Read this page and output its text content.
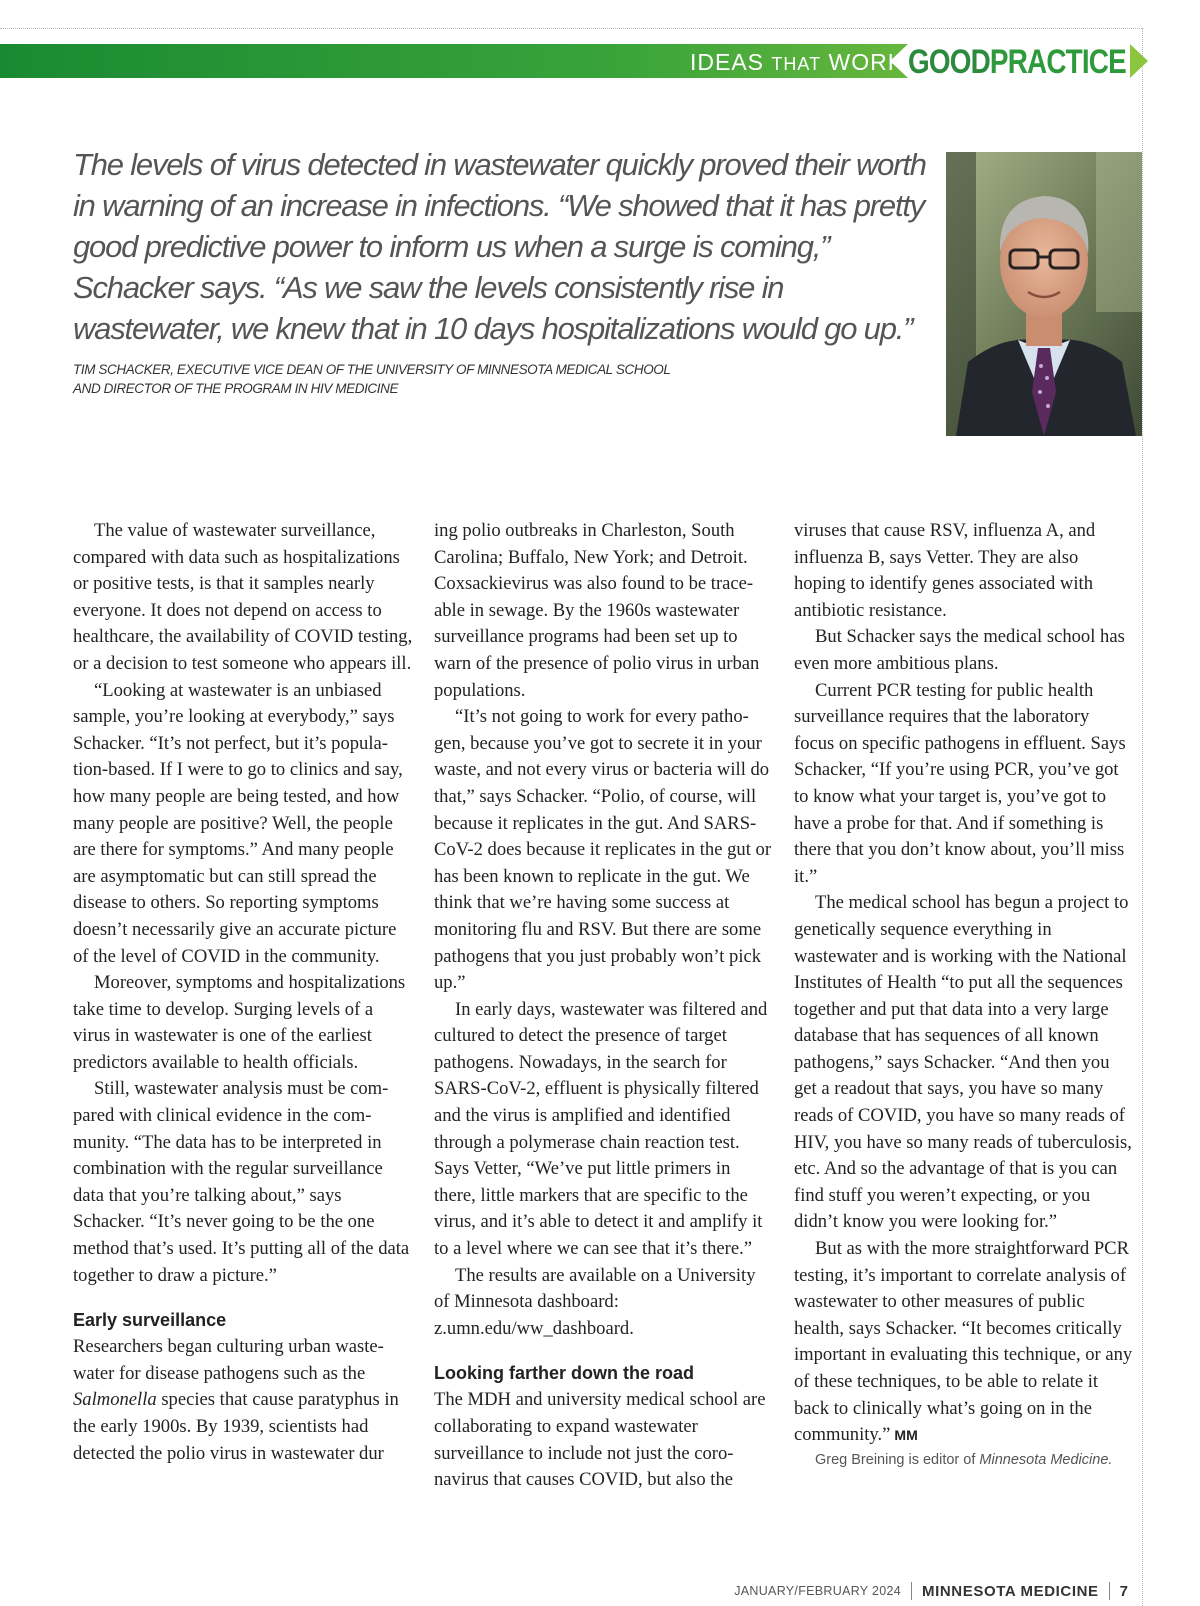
IDEAS THAT WORK GOODPRACTICE
The levels of virus detected in wastewater quickly proved their worth in warning of an increase in infections. “We showed that it has pretty good predictive power to inform us when a surge is coming,” Schacker says. “As we saw the levels consistently rise in wastewater, we knew that in 10 days hospitalizations would go up.”
TIM SCHACKER, EXECUTIVE VICE DEAN OF THE UNIVERSITY OF MINNESOTA MEDICAL SCHOOL
AND DIRECTOR OF THE PROGRAM IN HIV MEDICINE

The value of wastewater surveillance, compared with data such as hospitalizations or positive tests, is that it samples nearly everyone. It does not depend on access to healthcare, the availability of COVID testing, or a decision to test someone who appears ill.

“Looking at wastewater is an unbiased sample, you’re looking at everybody,” says Schacker. “It’s not perfect, but it’s population-based. If I were to go to clinics and say, how many people are being tested, and how many people are positive? Well, the people are there for symptoms.” And many people are asymptomatic but can still spread the disease to others. So reporting symptoms doesn’t necessarily give an accurate picture of the level of COVID in the community.

Moreover, symptoms and hospitalizations take time to develop. Surging levels of a virus in wastewater is one of the earliest predictors available to health officials.

Still, wastewater analysis must be compared with clinical evidence in the community. “The data has to be interpreted in combination with the regular surveillance data that you’re talking about,” says Schacker. “It’s never going to be the one method that’s used. It’s putting all of the data together to draw a picture.”

Early surveillance

Researchers began culturing urban wastewater for disease pathogens such as the Salmonella species that cause paratyphus in the early 1900s. By 1939, scientists had detected the polio virus in wastewater dur

ing polio outbreaks in Charleston, South Carolina; Buffalo, New York; and Detroit. Coxsackievirus was also found to be traceable in sewage. By the 1960s wastewater surveillance programs had been set up to warn of the presence of polio virus in urban populations.

“It’s not going to work for every pathogen, because you’ve got to secrete it in your waste, and not every virus or bacteria will do that,” says Schacker. “Polio, of course, will because it replicates in the gut. And SARS-CoV-2 does because it replicates in the gut or has been known to replicate in the gut. We think that we’re having some success at monitoring flu and RSV. But there are some pathogens that you just probably won’t pick up.”

In early days, wastewater was filtered and cultured to detect the presence of target pathogens. Nowadays, in the search for SARS-CoV-2, effluent is physically filtered and the virus is amplified and identified through a polymerase chain reaction test. Says Vetter, “We’ve put little primers in there, little markers that are specific to the virus, and it’s able to detect it and amplify it to a level where we can see that it’s there.”

The results are available on a University of Minnesota dashboard: z.umn.edu/ww_dashboard.

Looking farther down the road

The MDH and university medical school are collaborating to expand wastewater surveillance to include not just the coronavirus that causes COVID, but also the

viruses that cause RSV, influenza A, and influenza B, says Vetter. They are also hoping to identify genes associated with antibiotic resistance.

But Schacker says the medical school has even more ambitious plans.

Current PCR testing for public health surveillance requires that the laboratory focus on specific pathogens in effluent. Says Schacker, “If you’re using PCR, you’ve got to know what your target is, you’ve got to have a probe for that. And if something is there that you don’t know about, you’ll miss it.”

The medical school has begun a project to genetically sequence everything in wastewater and is working with the National Institutes of Health “to put all the sequences together and put that data into a very large database that has sequences of all known pathogens,” says Schacker. “And then you get a readout that says, you have so many reads of COVID, you have so many reads of HIV, you have so many reads of tuberculosis, etc. And so the advantage of that is you can find stuff you weren’t expecting, or you didn’t know you were looking for.”

But as with the more straightforward PCR testing, it’s important to correlate analysis of wastewater to other measures of public health, says Schacker. “It becomes critically important in evaluating this technique, or any of these techniques, to be able to relate it back to clinically what’s going on in the community.” MM

Greg Breining is editor of Minnesota Medicine.

JANUARY/FEBRUARY 2024 MINNESOTA MEDICINE 7
